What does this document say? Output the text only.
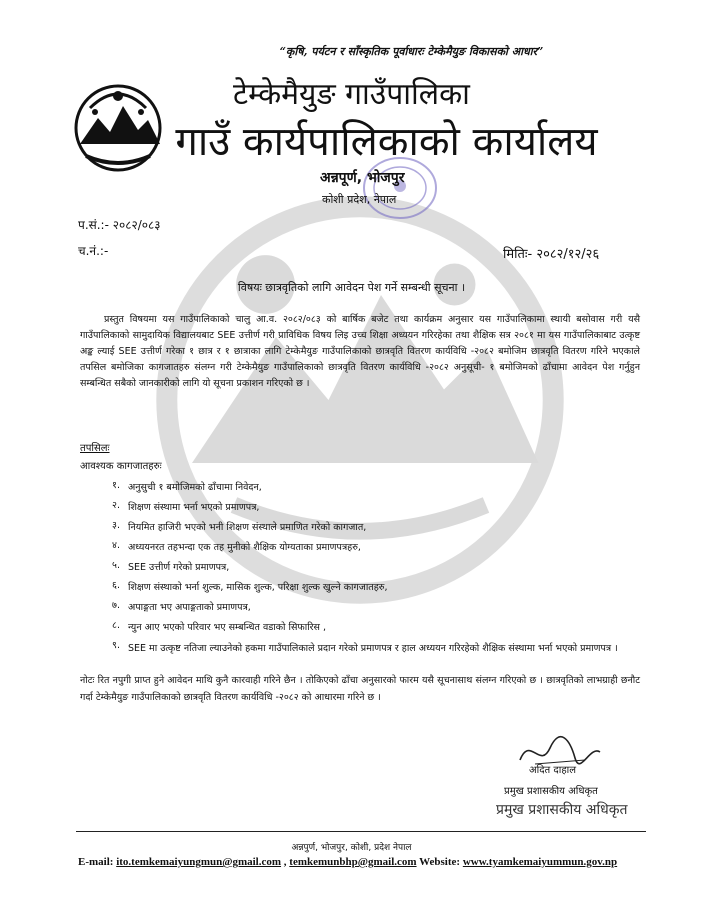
“कृषि, पर्यटन र साँस्कृतिक पूर्वाधारः टेम्केमैयुङ विकासको आधार”
टेम्केमैयुङ गाउँपालिका
गाउँ कार्यपालिकाको कार्यालय
अन्नपूर्ण, भोजपुर
कोशी प्रदेश, नेपाल
प.सं.:- २०८२/०८३
च.नं.:-	मितिः- २०८२/१२/२६
विषयः छात्रवृतिको लागि आवेदन पेश गर्ने सम्बन्धी सूचना ।

प्रस्तुत विषयमा यस गाउँपालिकाको चालु आ.व. २०८२/०८३ को बार्षिक बजेट तथा कार्यक्रम अनुसार यस गाउँपालिकामा स्थायी बसोवास गरी यसै गाउँपालिकाको सामुदायिक विद्यालयबाट SEE उत्तीर्ण गरी प्राविधिक विषय लिइ उच्च शिक्षा अध्ययन गरिरहेका तथा शैक्षिक सत्र २०८१ मा यस गाउँपालिकाबाट उत्कृष्ट अङ्क ल्याई SEE उत्तीर्ण गरेका १ छात्र र १ छात्राका लागि टेम्केमैयुङ गाउँपालिकाको छात्रवृति वितरण कार्यविधि -२०८२ बमोजिम छात्रवृति वितरण गरिने भएकाले तपसिल बमोजिका कागजातहरु संलग्न गरी टेम्केमैयुङ गाउँपालिकाको छात्रवृति वितरण कार्यविधि -२०८२ अनुसूची- १ बमोजिमको ढाँचामा आवेदन पेश गर्नुहुन सम्बन्धित सबैको जानकारीको लागि यो सूचना प्रकाशन गरिएको छ ।

तपसिलः
आवश्यक कागजातहरुः
१. अनुसुची १ बमोजिमको ढाँचामा निवेदन,
२. शिक्षण संस्थामा भर्ना भएको प्रमाणपत्र,
३. नियमित हाजिरी भएको भनी शिक्षण संस्थाले प्रमाणित गरेको कागजात,
४. अध्ययनरत तहभन्दा एक तह मुनीको शैक्षिक योग्यताका प्रमाणपत्रहरु,
५. SEE उत्तीर्ण गरेको प्रमाणपत्र,
६. शिक्षण संस्थाको भर्ना शुल्क, मासिक शुल्क, परिक्षा शुल्क खुल्ने कागजातहरु,
७. अपाङ्गता भए अपाङ्गताको प्रमाणपत्र,
८. न्युन आए भएको परिवार भए सम्बन्धित वडाको सिफारिस ,
९. SEE मा उत्कृष्ट नतिजा ल्याउनेको हकमा गाउँपालिकाले प्रदान गरेको प्रमाणपत्र र हाल अध्ययन गरिरहेको शैक्षिक संस्थामा भर्ना भएको प्रमाणपत्र ।

नोटः रित नपुगी प्राप्त हुने आवेदन माथि कुनै कारवाही गरिने छैन । तोकिएको ढाँचा अनुसारको फारम यसै सूचनासाथ संलग्न गरिएको छ । छात्रवृतिको लाभग्राही छनौट गर्दा टेम्केमैयुङ गाउँपालिकाको छात्रवृति वितरण कार्यविधि -२०८२ को आधारमा गरिने छ ।

अदित दाहाल
प्रमुख प्रशासकीय अधिकृत
प्रमुख प्रशासकीय अधिकृत
अन्नपुर्ण, भोजपुर, कोशी, प्रदेश नेपाल
E-mail: ito.temkemaiyungmun@gmail.com , temkemunbhp@gmail.com Website: www.tyamkemaiyummun.gov.np
